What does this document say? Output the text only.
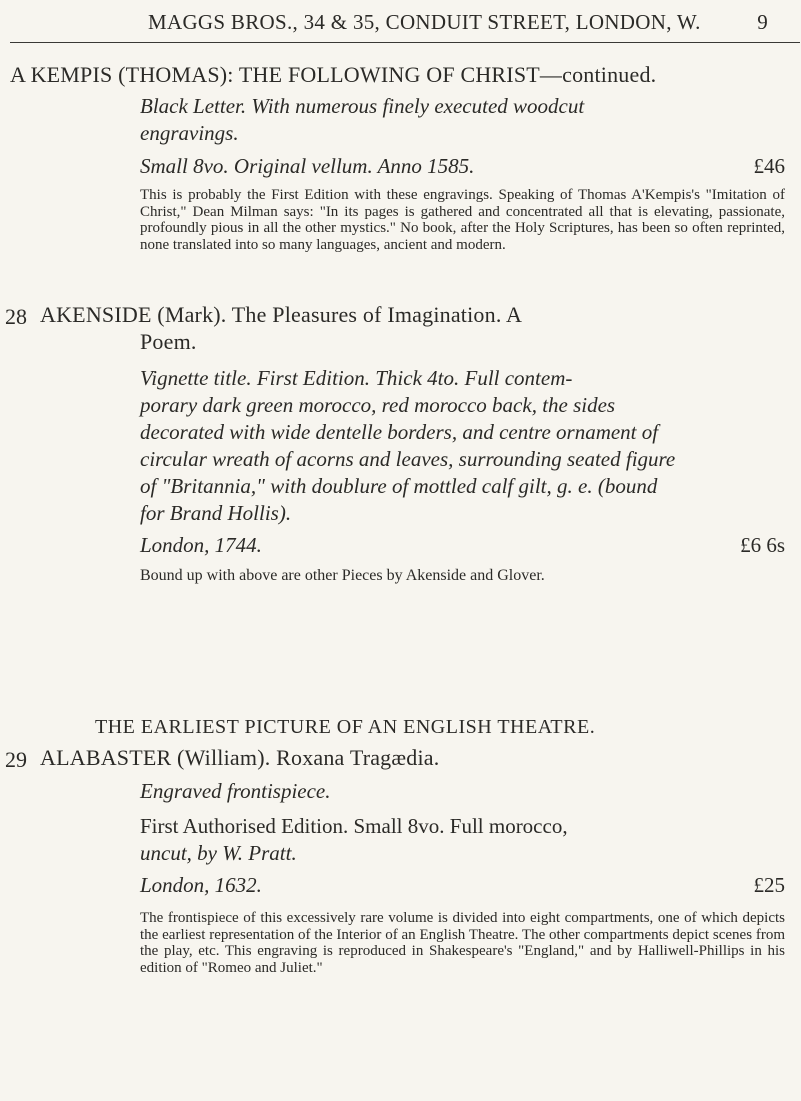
MAGGS BROS., 34 & 35, CONDUIT STREET, LONDON, W.	9
A KEMPIS (THOMAS): THE FOLLOWING OF CHRIST—continued.
Black Letter. With numerous finely executed woodcut
engravings.
Small 8vo. Original vellum. Anno 1585.	£46
This is probably the First Edition with these engravings. Speaking of Thomas A'Kempis's "Imitation of Christ," Dean Milman says: "In its pages is gathered and concentrated all that is elevating, passionate, profoundly pious in all the other mystics." No book, after the Holy Scriptures, has been so often reprinted, none translated into so many languages, ancient and modern.
28 AKENSIDE (Mark). The Pleasures of Imagination. A
Poem.
Vignette title. First Edition. Thick 4to. Full contem-
porary dark green morocco, red morocco back, the sides
decorated with wide dentelle borders, and centre ornament of
circular wreath of acorns and leaves, surrounding seated figure
of "Britannia," with doublure of mottled calf gilt, g. e. (bound
for Brand Hollis).
London, 1744.	£6 6s
Bound up with above are other Pieces by Akenside and Glover.
THE EARLIEST PICTURE OF AN ENGLISH THEATRE.
29 ALABASTER (William). Roxana Tragædia.
Engraved frontispiece.
First Authorised Edition. Small 8vo. Full morocco,
uncut, by W. Pratt.
London, 1632.	£25
The frontispiece of this excessively rare volume is divided into eight compartments, one of which depicts the earliest representation of the Interior of an English Theatre. The other compartments depict scenes from the play, etc. This engraving is reproduced in Shakespeare's "England," and by Halliwell-Phillips in his edition of "Romeo and Juliet."
